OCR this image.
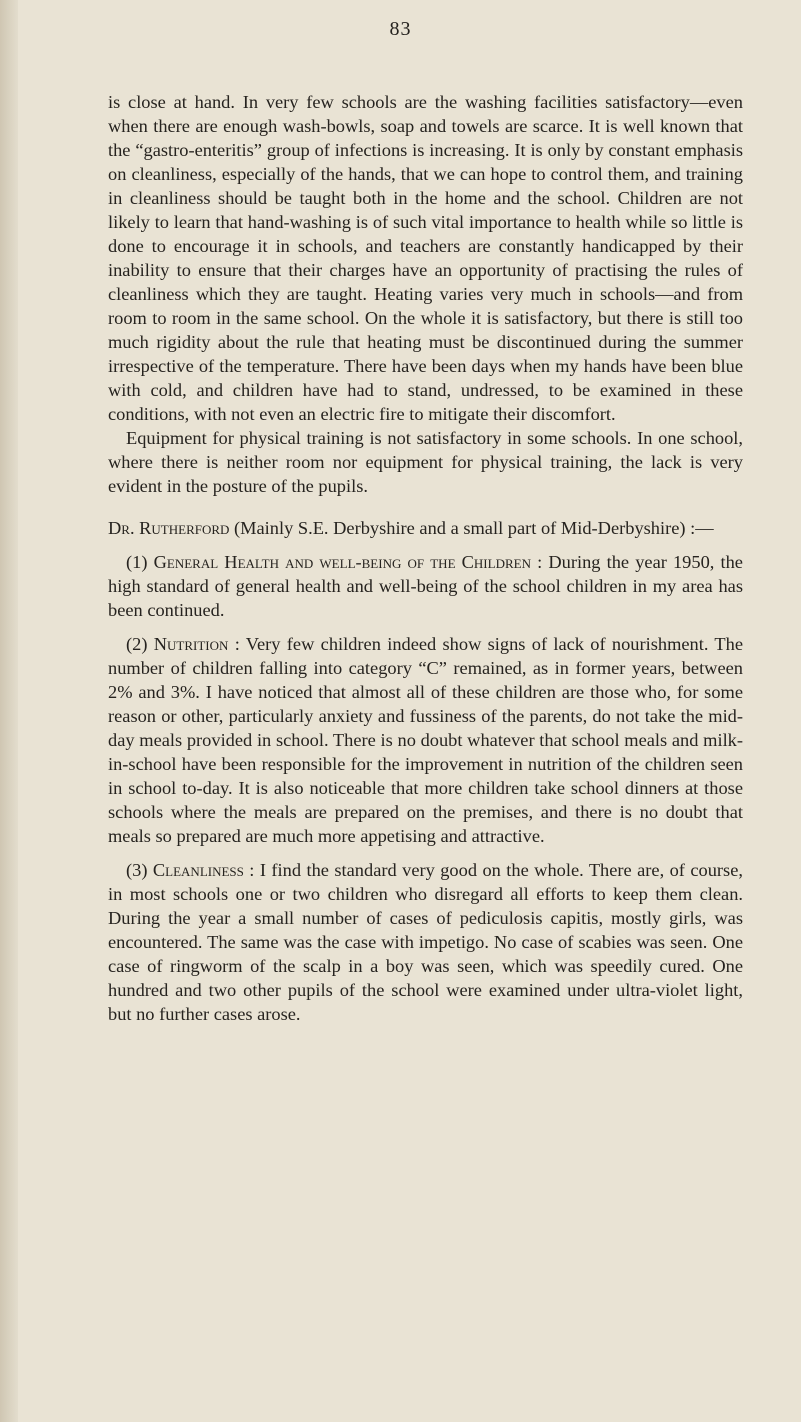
83

is close at hand. In very few schools are the washing facilities satisfactory—even when there are enough wash-bowls, soap and towels are scarce. It is well known that the “gastro-enteritis” group of infections is increasing. It is only by constant emphasis on cleanliness, especially of the hands, that we can hope to control them, and training in cleanliness should be taught both in the home and the school. Children are not likely to learn that hand-washing is of such vital importance to health while so little is done to encourage it in schools, and teachers are constantly handicapped by their inability to ensure that their charges have an opportunity of practising the rules of cleanliness which they are taught. Heating varies very much in schools—and from room to room in the same school. On the whole it is satisfactory, but there is still too much rigidity about the rule that heating must be discontinued during the summer irrespective of the temperature. There have been days when my hands have been blue with cold, and children have had to stand, undressed, to be examined in these conditions, with not even an electric fire to mitigate their discomfort.

Equipment for physical training is not satisfactory in some schools. In one school, where there is neither room nor equipment for physical training, the lack is very evident in the posture of the pupils.

Dr. Rutherford (Mainly S.E. Derbyshire and a small part of Mid-Derbyshire) :—

(1) General Health and well-being of the Children : During the year 1950, the high standard of general health and well-being of the school children in my area has been continued.

(2) Nutrition : Very few children indeed show signs of lack of nourishment. The number of children falling into category “C” remained, as in former years, between 2% and 3%. I have noticed that almost all of these children are those who, for some reason or other, particularly anxiety and fussiness of the parents, do not take the mid-day meals provided in school. There is no doubt whatever that school meals and milk-in-school have been responsible for the improvement in nutrition of the children seen in school to-day. It is also noticeable that more children take school dinners at those schools where the meals are prepared on the premises, and there is no doubt that meals so prepared are much more appetising and attractive.

(3) Cleanliness : I find the standard very good on the whole. There are, of course, in most schools one or two children who disregard all efforts to keep them clean. During the year a small number of cases of pediculosis capitis, mostly girls, was encountered. The same was the case with impetigo. No case of scabies was seen. One case of ringworm of the scalp in a boy was seen, which was speedily cured. One hundred and two other pupils of the school were examined under ultra-violet light, but no further cases arose.
